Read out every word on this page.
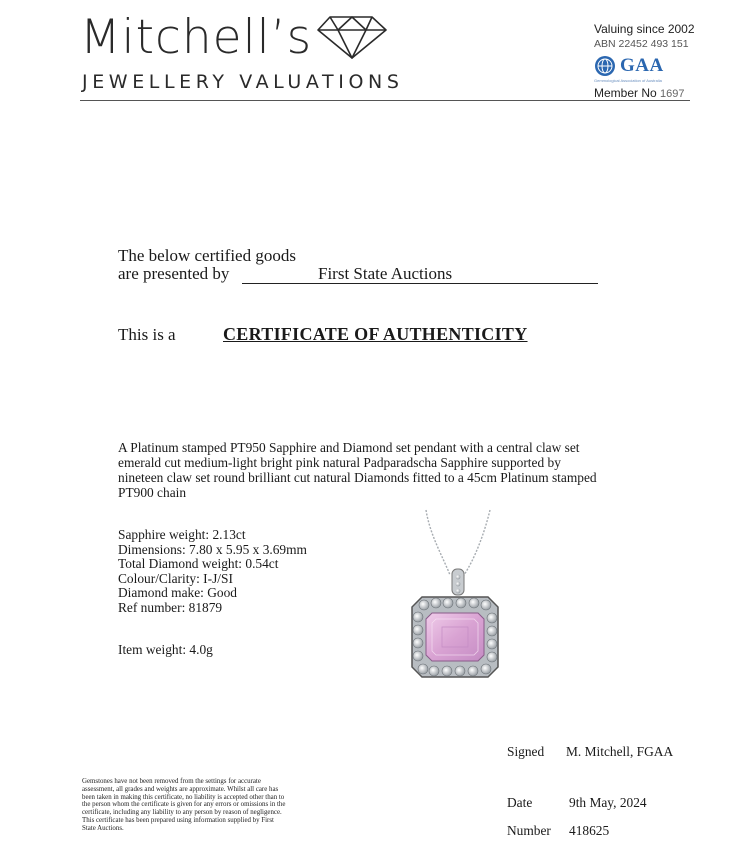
Mitchell’s
JEWELLERY VALUATIONS
Valuing since 2002
ABN 22452 493 151
GAA
Gemmological Association of Australia
Member No 1697
The below certified goods
are presented by	First State Auctions
This is a	CERTIFICATE OF AUTHENTICITY
A Platinum stamped PT950 Sapphire and Diamond set pendant with a central claw set emerald cut medium-light bright pink natural Padparadscha Sapphire supported by nineteen claw set round brilliant cut natural Diamonds fitted to a 45cm Platinum stamped PT900 chain
Sapphire weight: 2.13ct
Dimensions: 7.80 x 5.95 x 3.69mm
Total Diamond weight: 0.54ct
Colour/Clarity: I-J/SI
Diamond make: Good
Ref number: 81879
Item weight: 4.0g
Signed M. Mitchell, FGAA
Date	9th May, 2024
Number 418625
Gemstones have not been removed from the settings for accurate assessment, all grades and weights are approximate. Whilst all care has been taken in making this certificate, no liability is accepted other than to the person whom the certificate is given for any errors or omissions in the certificate, including any liability to any person by reason of negligence. This certificate has been prepared using information supplied by First State Auctions.
